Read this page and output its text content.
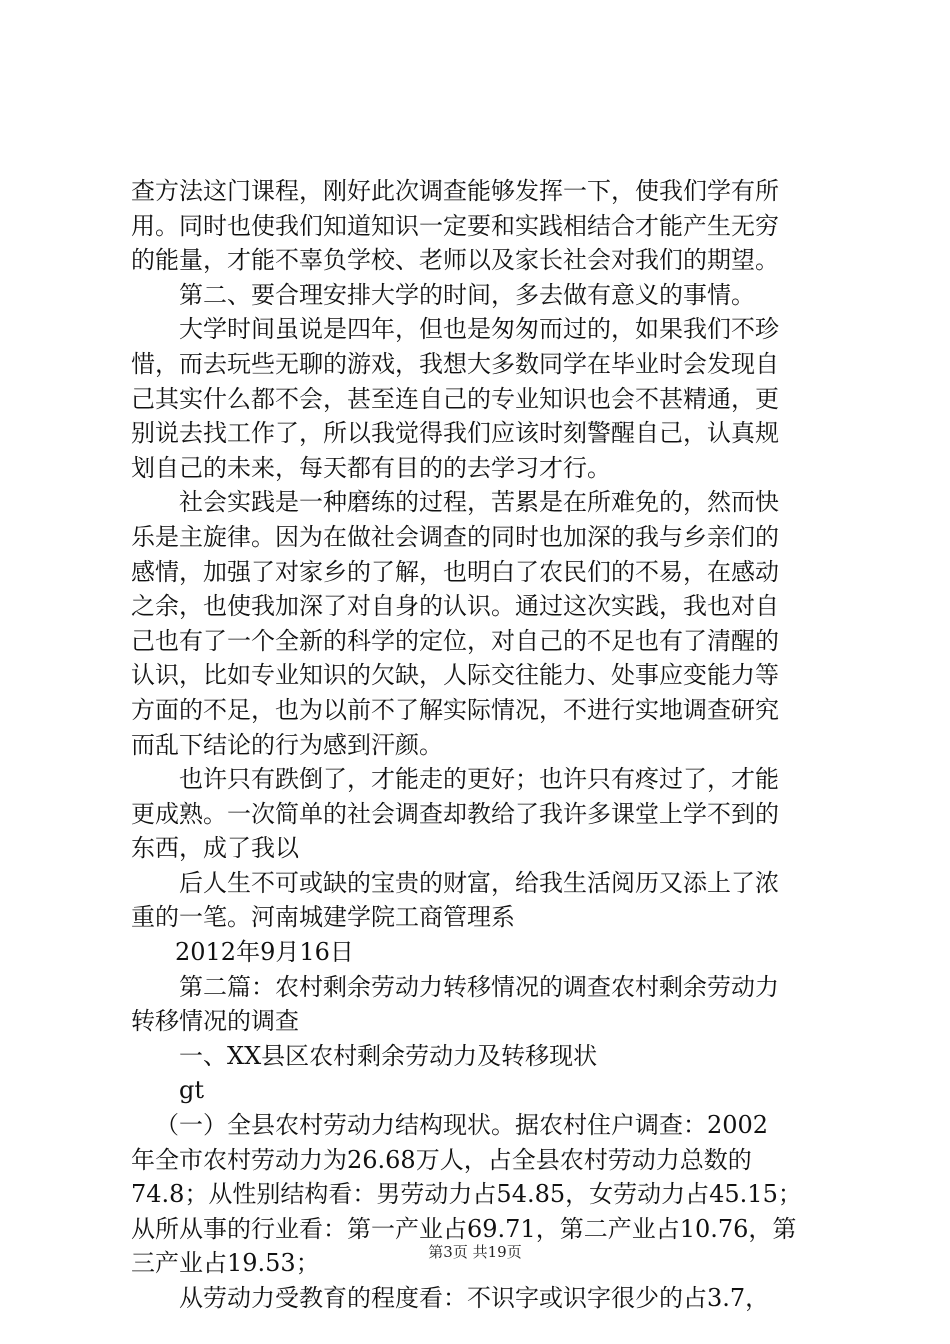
查方法这门课程，刚好此次调查能够发挥一下，使我们学有所
用。同时也使我们知道知识一定要和实践相结合才能产生无穷
的能量，才能不辜负学校、老师以及家长社会对我们的期望。
第二、要合理安排大学的时间，多去做有意义的事情。
大学时间虽说是四年，但也是匆匆而过的，如果我们不珍
惜，而去玩些无聊的游戏，我想大多数同学在毕业时会发现自
己其实什么都不会，甚至连自己的专业知识也会不甚精通，更
别说去找工作了，所以我觉得我们应该时刻警醒自己，认真规
划自己的未来，每天都有目的的去学习才行。
社会实践是一种磨练的过程，苦累是在所难免的，然而快
乐是主旋律。因为在做社会调查的同时也加深的我与乡亲们的
感情，加强了对家乡的了解，也明白了农民们的不易，在感动
之余，也使我加深了对自身的认识。通过这次实践，我也对自
己也有了一个全新的科学的定位，对自己的不足也有了清醒的
认识，比如专业知识的欠缺，人际交往能力、处事应变能力等
方面的不足，也为以前不了解实际情况，不进行实地调查研究
而乱下结论的行为感到汗颜。
也许只有跌倒了，才能走的更好；也许只有疼过了，才能
更成熟。一次简单的社会调查却教给了我许多课堂上学不到的
东西，成了我以
后人生不可或缺的宝贵的财富，给我生活阅历又添上了浓
重的一笔。河南城建学院工商管理系
2012年9月16日
第二篇：农村剩余劳动力转移情况的调查农村剩余劳动力
转移情况的调查
一、XX县区农村剩余劳动力及转移现状
gt
（一）全县农村劳动力结构现状。据农村住户调查：2002
年全市农村劳动力为26.68万人，占全县农村劳动力总数的
74.8；从性别结构看：男劳动力占54.85，女劳动力占45.15；
从所从事的行业看：第一产业占69.71，第二产业占10.76，第
三产业占19.53；
从劳动力受教育的程度看：不识字或识字很少的占3.7，
第3页 共19页
